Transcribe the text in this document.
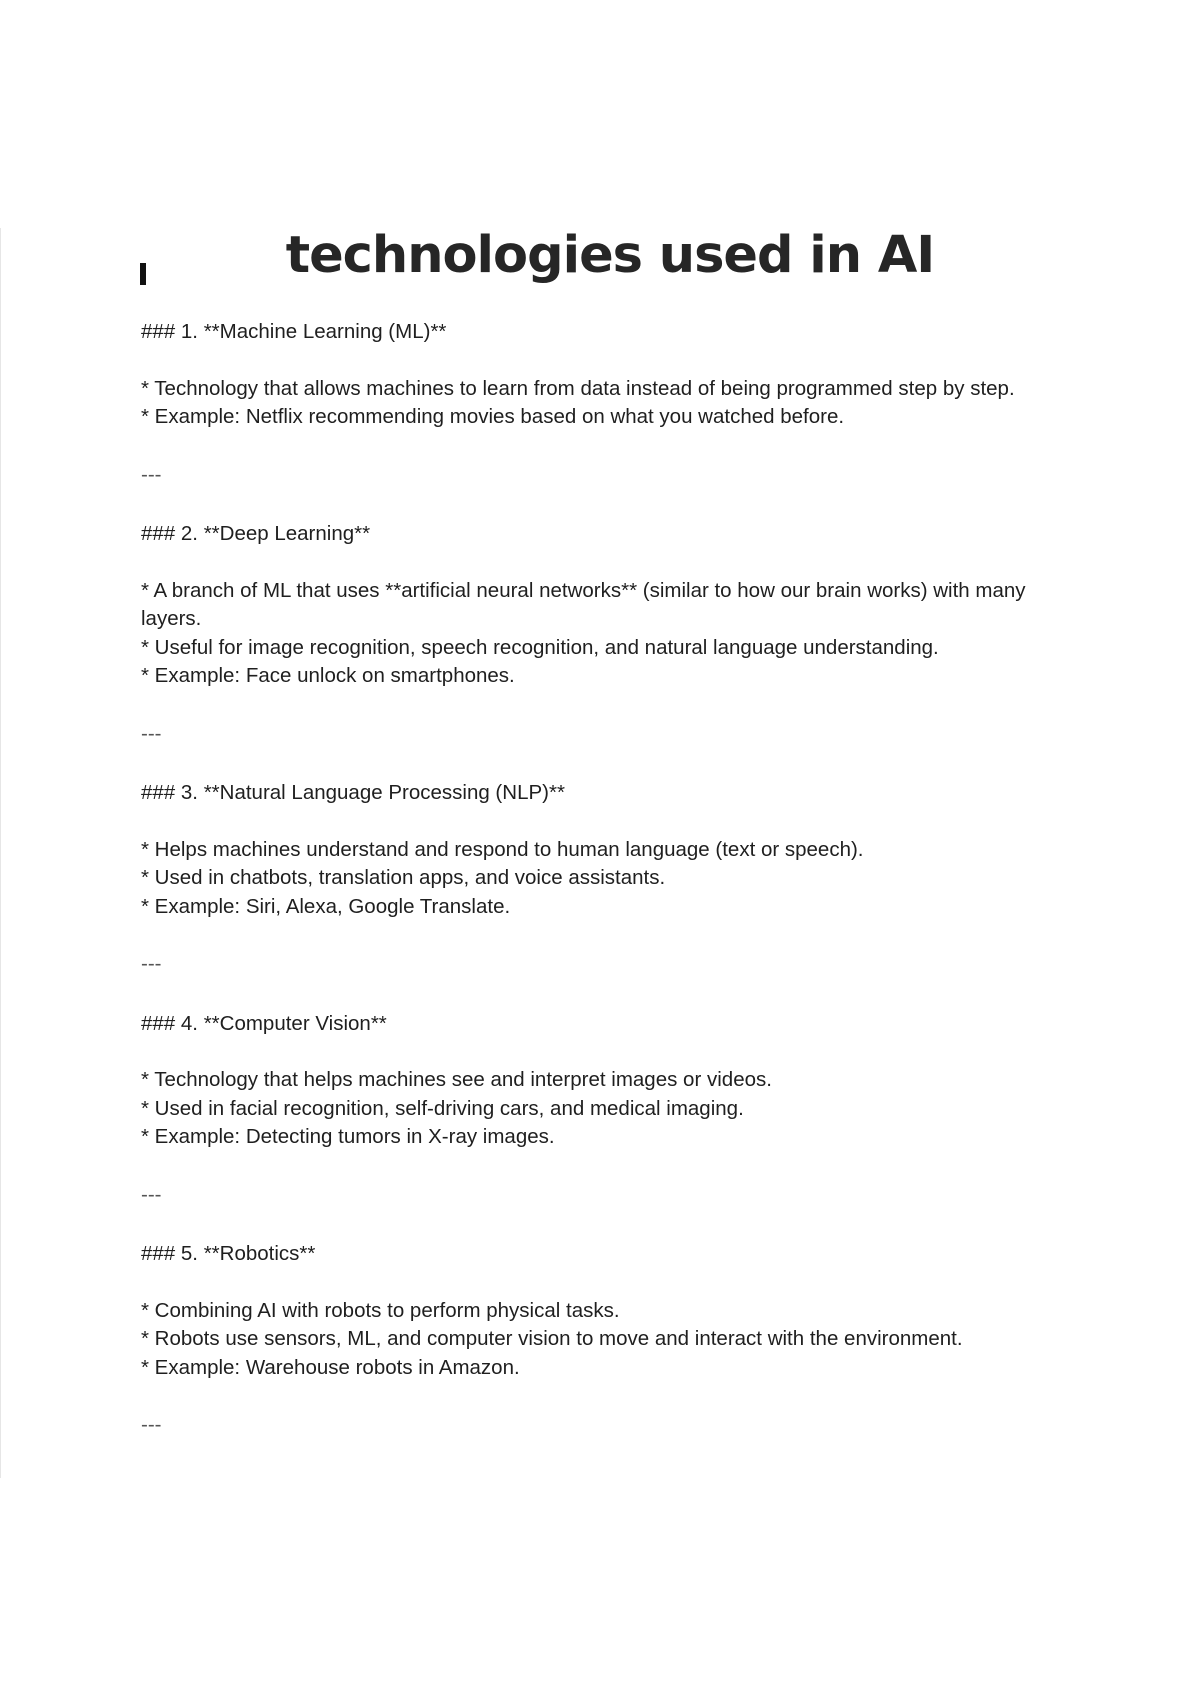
technologies used in AI

### 1. **Machine Learning (ML)**

* Technology that allows machines to learn from data instead of being programmed step by step.
* Example: Netflix recommending movies based on what you watched before.
---

### 2. **Deep Learning**

* A branch of ML that uses **artificial neural networks** (similar to how our brain works) with many layers.
* Useful for image recognition, speech recognition, and natural language understanding.
* Example: Face unlock on smartphones.
---

### 3. **Natural Language Processing (NLP)**

* Helps machines understand and respond to human language (text or speech).
* Used in chatbots, translation apps, and voice assistants.
* Example: Siri, Alexa, Google Translate.
---

### 4. **Computer Vision**

* Technology that helps machines see and interpret images or videos.
* Used in facial recognition, self-driving cars, and medical imaging.
* Example: Detecting tumors in X-ray images.
---

### 5. **Robotics**

* Combining AI with robots to perform physical tasks.
* Robots use sensors, ML, and computer vision to move and interact with the environment.
* Example: Warehouse robots in Amazon.
---
